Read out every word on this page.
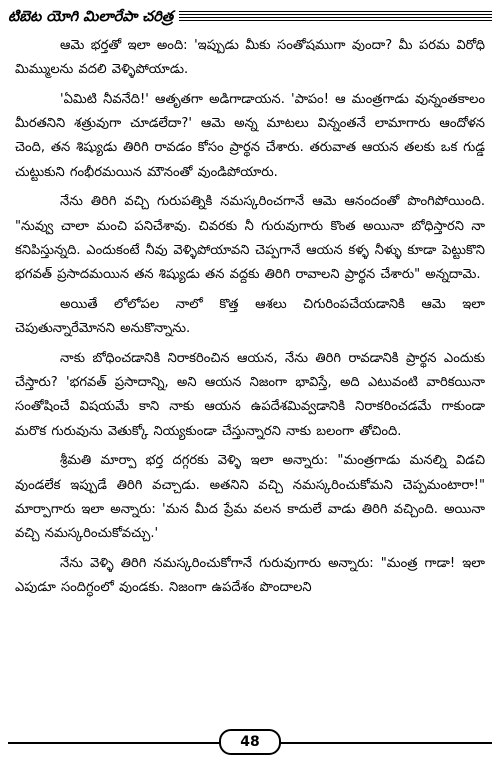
టిబెట యోగి మిలారేపా చరిత్ర

ఆమె భర్తతో ఇలా అంది: 'ఇప్పుడు మీకు సంతోషముగా వుందా? మీ పరమ విరోధి మిమ్ములను వదలి వెళ్ళిపోయాడు.

'ఏమిటి నీవనేది!' ఆతృతగా అడిగాడాయన. 'పాపం! ఆ మంత్రగాడు వున్నంతకాలం మీరతనిని శత్రువుగా చూడలేదా?' ఆమె అన్న మాటలు విన్నంతనే లామాగారు ఆందోళన చెంది, తన శిష్యుడు తిరిగి రావడం కోసం ప్రార్థన చేశారు. తరువాత ఆయన తలకు ఒక గుడ్డ చుట్టుకుని గంభీరమయిన మౌనంతో వుండిపోయారు.

నేను తిరిగి వచ్చి గురుపత్నికి నమస్కరించగానే ఆమె ఆనందంతో పొంగిపోయింది. "నువ్వు చాలా మంచి పనిచేశావు. చివరకు నీ గురువుగారు కొంత అయినా బోధిస్తారని నా కనిపిస్తున్నది. ఎందుకంటే నీవు వెళ్ళిపోయావని చెప్పగానే ఆయన కళ్ళ నీళ్ళు కూడా పెట్టుకొని భగవత్ ప్రసాదమయిన తన శిష్యుడు తన వద్దకు తిరిగి రావాలని ప్రార్థన చేశారు" అన్నదామె.

అయితే లోలోపల నాలో కొత్త ఆశలు చిగురింపచేయడానికి ఆమె ఇలా చెపుతున్నారేమోనని అనుకొన్నాను.

నాకు బోధించడానికి నిరాకరించిన ఆయన, నేను తిరిగి రావడానికి ప్రార్థన ఎందుకు చేస్తారు? 'భగవత్ ప్రసాదాన్ని, అని ఆయన నిజంగా భావిస్తే, అది ఎటువంటి వారికయినా సంతోషించే విషయమే కాని నాకు ఆయన ఉపదేశమివ్వడానికి నిరాకరించడమే గాకుండా మరొక గురువును వెతుక్కో నియ్యకుండా చేస్తున్నారని నాకు బలంగా తోచింది.

శ్రీమతి మార్పా భర్త దగ్గరకు వెళ్ళి ఇలా అన్నారు: "మంత్రగాడు మనల్ని విడచి వుండలేక ఇప్పుడే తిరిగి వచ్చాడు. అతనిని వచ్చి నమస్కరించుకోమని చెప్పమంటారా!" మార్పాగారు ఇలా అన్నారు: 'మన మీద ప్రేమ వలన కాదులే వాడు తిరిగి వచ్చింది. అయినా వచ్చి నమస్కరించుకోవచ్చు.'

నేను వెళ్ళి తిరిగి నమస్కరించుకోగానే గురువుగారు అన్నారు: "మంత్ర గాడా! ఇలా ఎపుడూ సందిగ్ధంలో వుండకు. నిజంగా ఉపదేశం పొందాలని

48
